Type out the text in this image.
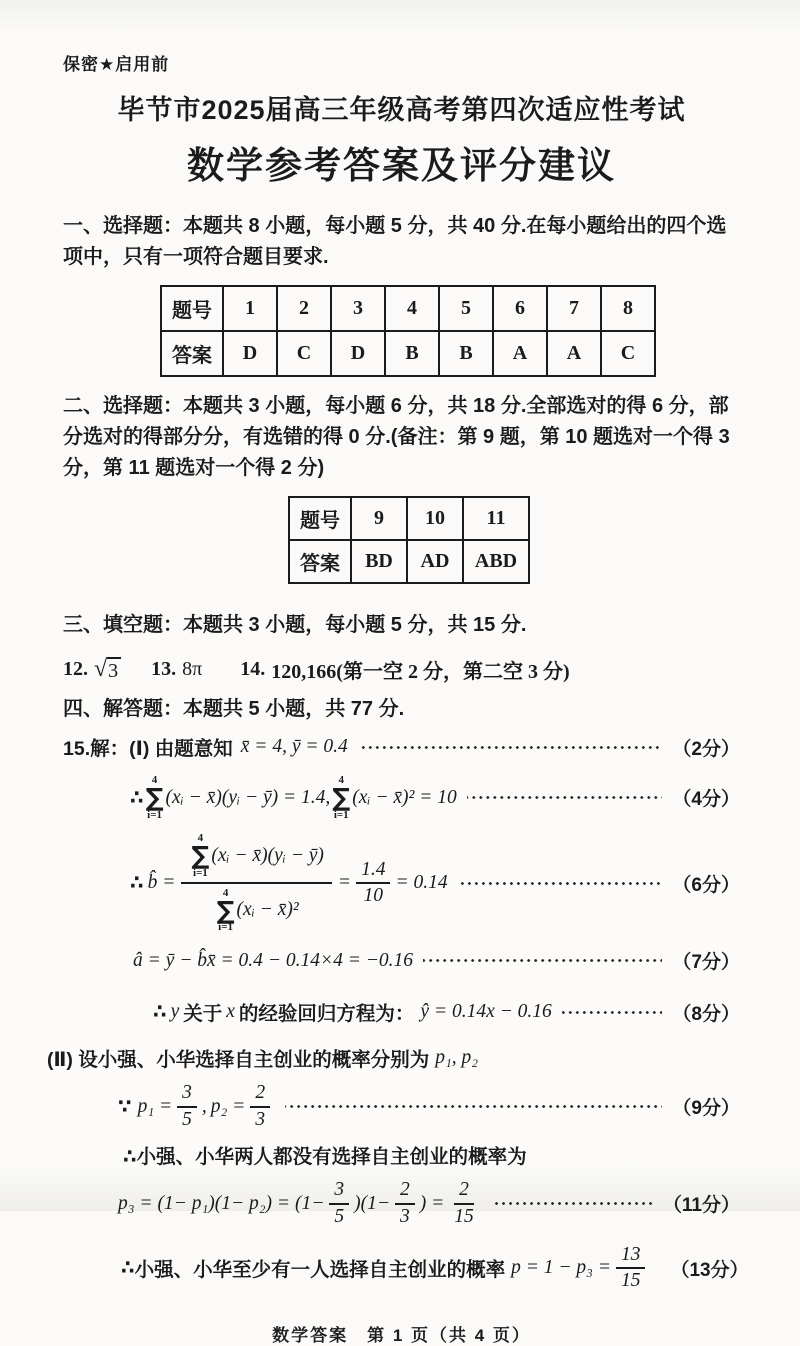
保密★启用前
毕节市2025届高三年级高考第四次适应性考试
数学参考答案及评分建议
一、选择题：本题共 8 小题，每小题 5 分，共 40 分.在每小题给出的四个选项中，只有一项符合题目要求.
题号	1	2	3	4	5	6	7	8
答案	D	C	D	B	B	A	A	C
二、选择题：本题共 3 小题，每小题 6 分，共 18 分.全部选对的得 6 分，部分选对的得部分分，有选错的得 0 分.(备注：第 9 题，第 10 题选对一个得 3 分，第 11 题选对一个得 2 分)
题号	9	10	11
答案	BD	AD	ABD
三、填空题：本题共 3 小题，每小题 5 分，共 15 分.
12. √ 3 13. 8π 14. 120,166(第一空 2 分，第二空 3 分)
四、解答题：本题共 5 小题，共 77 分.
15.解：(Ⅰ) 由题意知 x̄ = 4, ȳ = 0.4	（2分）
∴
4
∑
i=1
(xᵢ − x̄)(yᵢ − ȳ) = 1.4,
4
∑
i=1
(xᵢ − x̄)² = 10	（4分）
∴ b̂ = 4
∑
i=1
(xᵢ − x̄)(yᵢ − ȳ)
4
∑
i=1
(xᵢ − x̄)² = $\frac{1.4}{10} = 0.14$	（6分）
â = ȳ − b̂x̄ = 0.4 − 0.14×4 = −0.16	（7分）
∴ y 关于 x 的经验回归方程为： ŷ = 0.14x − 0.16	（8分）
(Ⅱ) 设小强、小华选择自主创业的概率分别为 p₁, p₂
∵ $p_1 = \frac{3}{5}$ , $p_2 = \frac{2}{3}$	（9分）
∴小强、小华两人都没有选择自主创业的概率为
$p_3 = (1- p_1)(1- p_2) = (1- \frac{3}{5} )(1- \frac{2}{3}$ ) = $\frac{2}{15}$	（11分）
∴ 小强、小华至少有一人选择自主创业的概率 $p = 1 - p_3 = \frac{13}{15} (13$分）
数学答案　第 1 页（共 4 页）
